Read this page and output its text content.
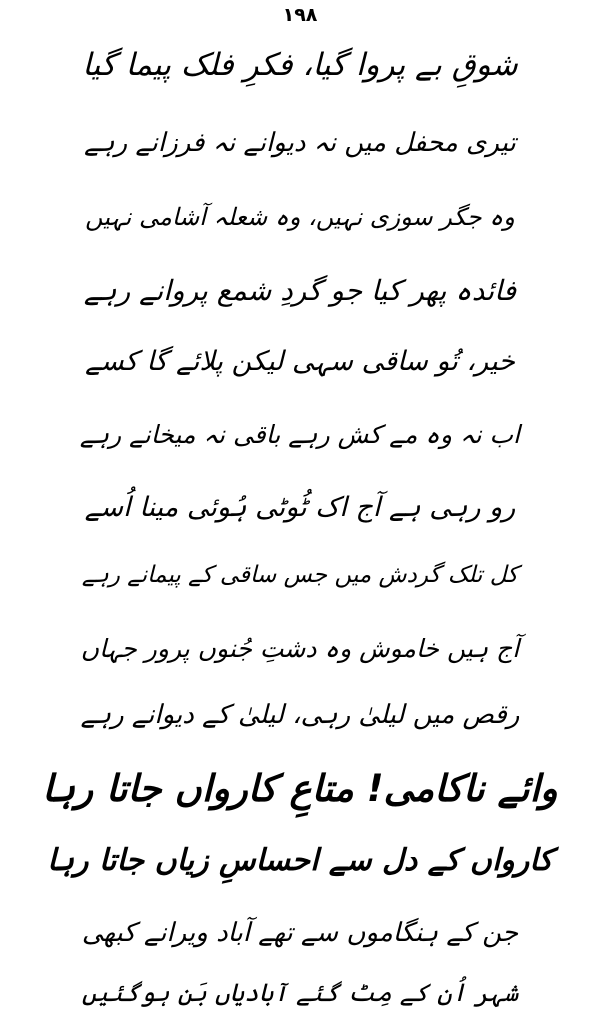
١٩٨
شوقِ بے پروا گیا، فکرِ فلک پیما گیا
تیری محفل میں نہ دیوانے نہ فرزانے رہے
وہ جگر سوزی نہیں، وہ شعلہ آشامی نہیں
فائدہ پھر کیا جو گردِ شمع پروانے رہے
خیر، تُو ساقی سہی لیکن پلائے گا کسے
اب نہ وہ مے کش رہے باقی نہ میخانے رہے
رو رہی ہے آج اک ٹُوٹی ہُوئی مینا اُسے
کل تلک گردش میں جس ساقی کے پیمانے رہے
آج ہیں خاموش وہ دشتِ جُنوں پرور جہاں
رقص میں لیلیٰ رہی، لیلیٰ کے دیوانے رہے
وائے ناکامی! متاعِ کارواں جاتا رہا
کارواں کے دل سے احساسِ زیاں جاتا رہا
جن کے ہنگاموں سے تھے آباد ویرانے کبھی
شہر اُن کے مِٹ گئے آبادیاں بَن ہوگئیں
